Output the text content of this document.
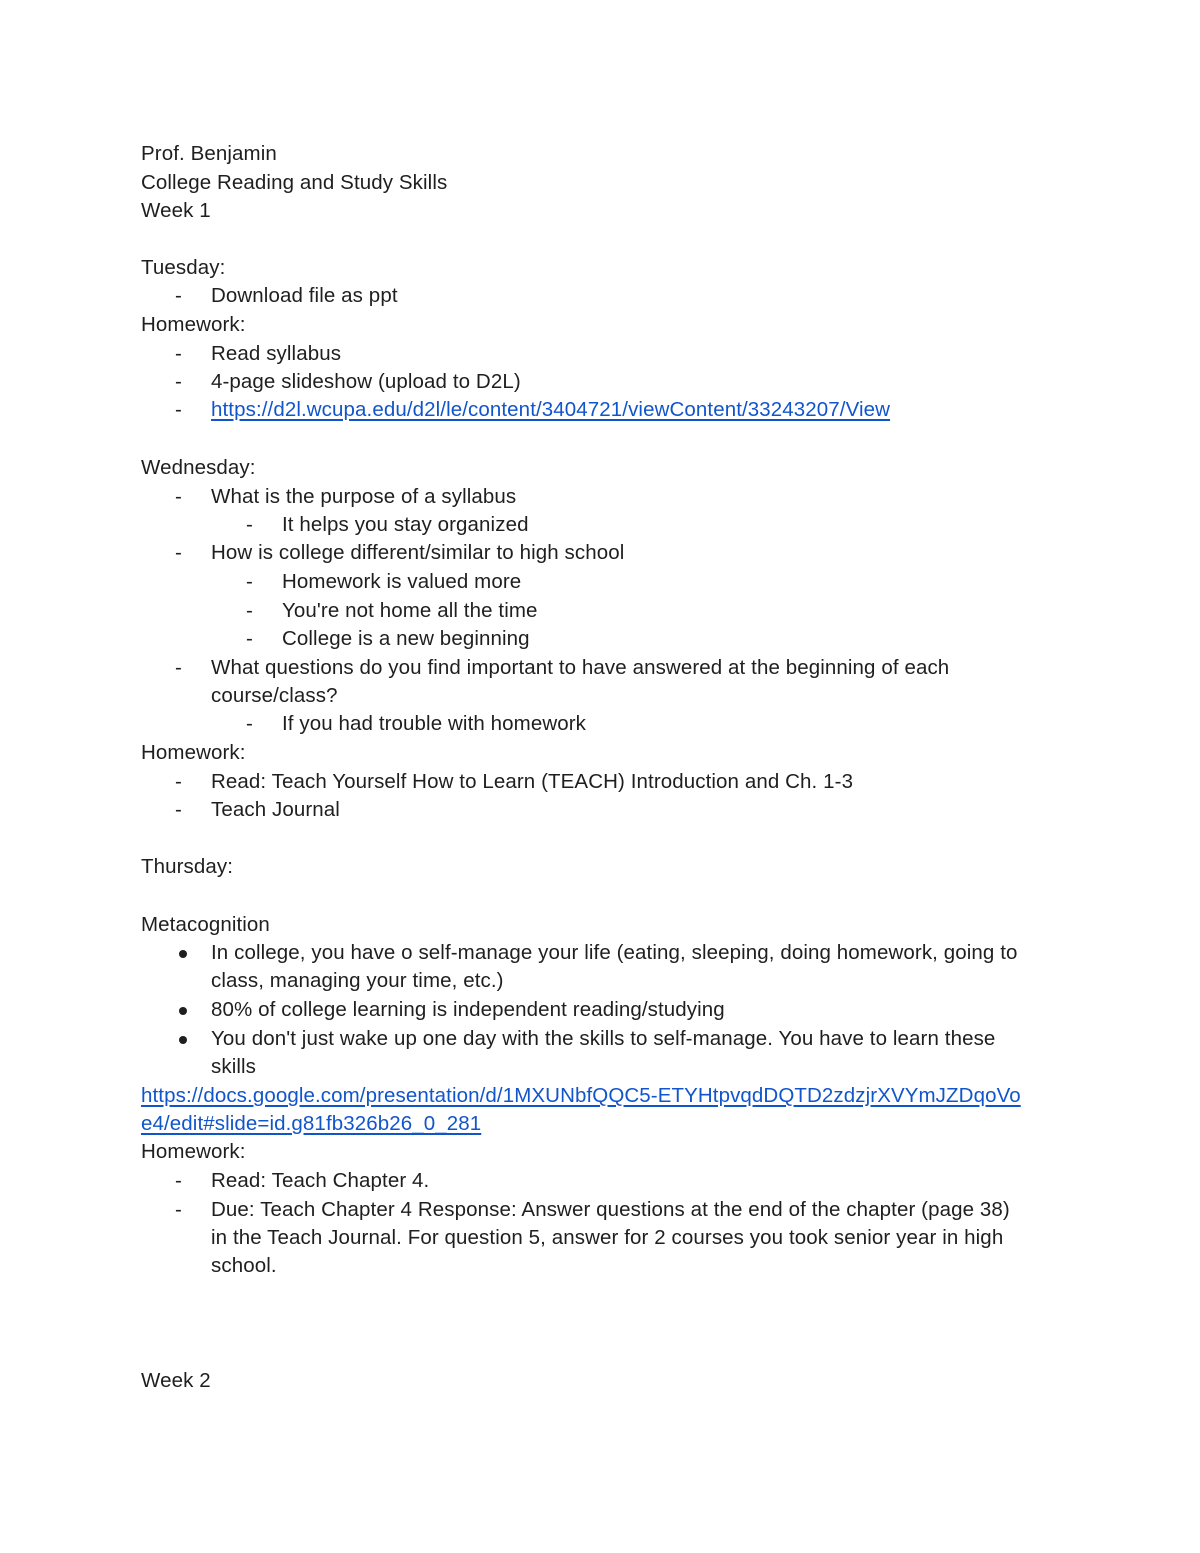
Prof. Benjamin
College Reading and Study Skills
Week 1
Tuesday:
- Download file as ppt
Homework:
- Read syllabus
- 4-page slideshow (upload to D2L)
- https://d2l.wcupa.edu/d2l/le/content/3404721/viewContent/33243207/View
Wednesday:
- What is the purpose of a syllabus
- It helps you stay organized
- How is college different/similar to high school
- Homework is valued more
- You're not home all the time
- College is a new beginning
- What questions do you find important to have answered at the beginning of each
course/class?
- If you had trouble with homework
Homework:
- Read: Teach Yourself How to Learn (TEACH) Introduction and Ch. 1-3
- Teach Journal
Thursday:
Metacognition
In college, you have o self-manage your life (eating, sleeping, doing homework, going to
class, managing your time, etc.)
80% of college learning is independent reading/studying
You don't just wake up one day with the skills to self-manage. You have to learn these
skills
https://docs.google.com/presentation/d/1MXUNbfQQC5-ETYHtpvqdDQTD2zdzjrXVYmJZDqoVo
e4/edit#slide=id.g81fb326b26_0_281
Homework:
- Read: Teach Chapter 4.
- Due: Teach Chapter 4 Response: Answer questions at the end of the chapter (page 38)
in the Teach Journal. For question 5, answer for 2 courses you took senior year in high
school.
Week 2
